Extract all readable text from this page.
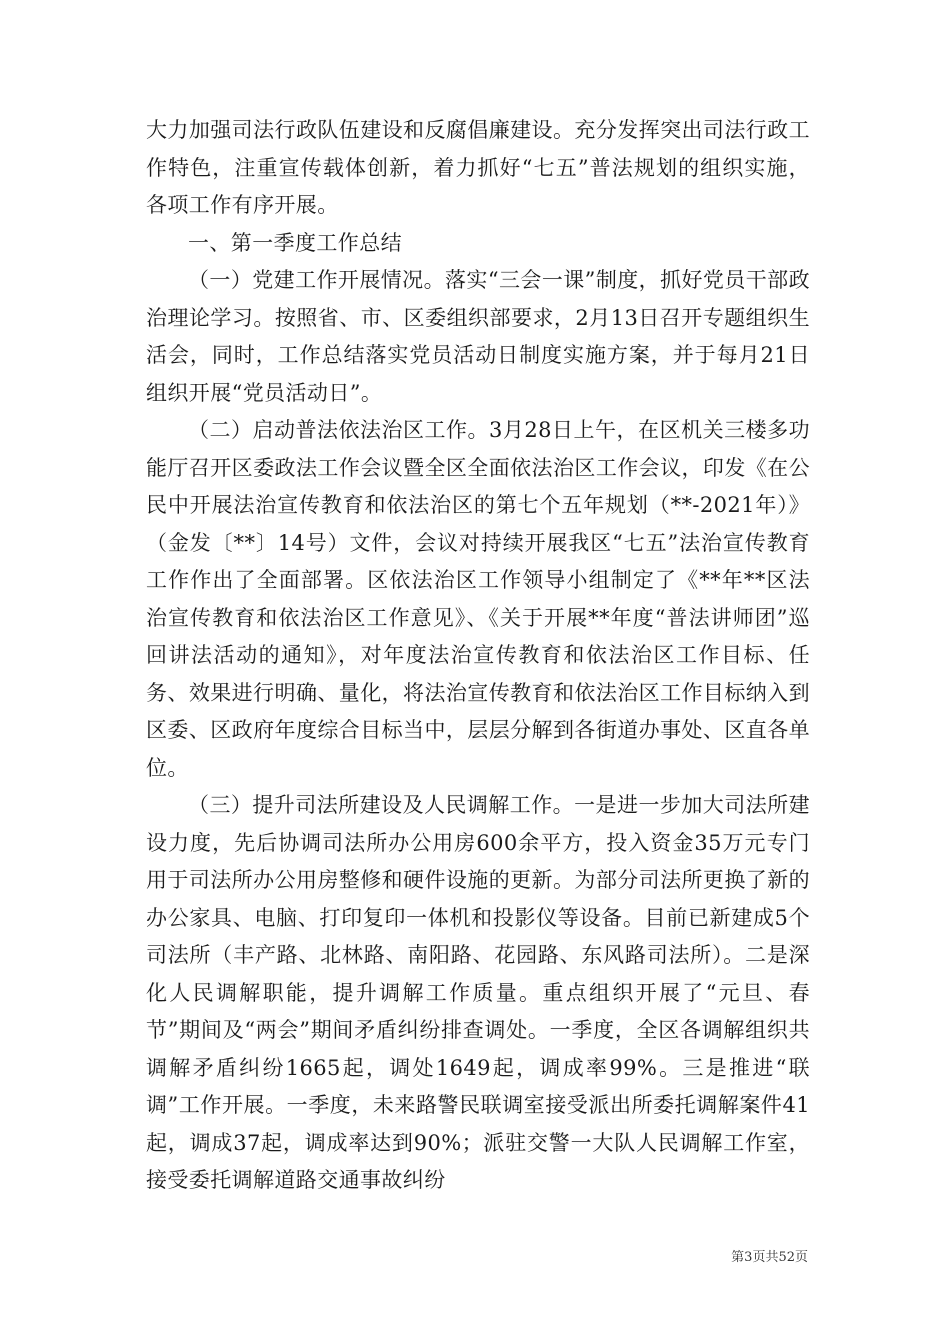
大力加强司法行政队伍建设和反腐倡廉建设。充分发挥突出司法行政工作特色，注重宣传载体创新，着力抓好“七五”普法规划的组织实施，各项工作有序开展。

一、第一季度工作总结

（一）党建工作开展情况。落实“三会一课”制度，抓好党员干部政治理论学习。按照省、市、区委组织部要求，2月13日召开专题组织生活会，同时，工作总结落实党员活动日制度实施方案，并于每月21日组织开展“党员活动日”。

（二）启动普法依法治区工作。3月28日上午，在区机关三楼多功能厅召开区委政法工作会议暨全区全面依法治区工作会议，印发《在公民中开展法治宣传教育和依法治区的第七个五年规划（**-2021年）》（金发〔**〕14号）文件，会议对持续开展我区“七五”法治宣传教育工作作出了全面部署。区依法治区工作领导小组制定了《**年**区法治宣传教育和依法治区工作意见》、《关于开展**年度“普法讲师团”巡回讲法活动的通知》，对年度法治宣传教育和依法治区工作目标、任务、效果进行明确、量化，将法治宣传教育和依法治区工作目标纳入到区委、区政府年度综合目标当中，层层分解到各街道办事处、区直各单位。

（三）提升司法所建设及人民调解工作。一是进一步加大司法所建设力度，先后协调司法所办公用房600余平方，投入资金35万元专门用于司法所办公用房整修和硬件设施的更新。为部分司法所更换了新的办公家具、电脑、打印复印一体机和投影仪等设备。目前已新建成5个司法所（丰产路、北林路、南阳路、花园路、东风路司法所）。二是深化人民调解职能，提升调解工作质量。重点组织开展了“元旦、春节”期间及“两会”期间矛盾纠纷排查调处。一季度，全区各调解组织共调解矛盾纠纷1665起，调处1649起，调成率99%。三是推进“联调”工作开展。一季度，未来路警民联调室接受派出所委托调解案件41起，调成37起，调成率达到90%；派驻交警一大队人民调解工作室，接受委托调解道路交通事故纠纷

第3页共52页
